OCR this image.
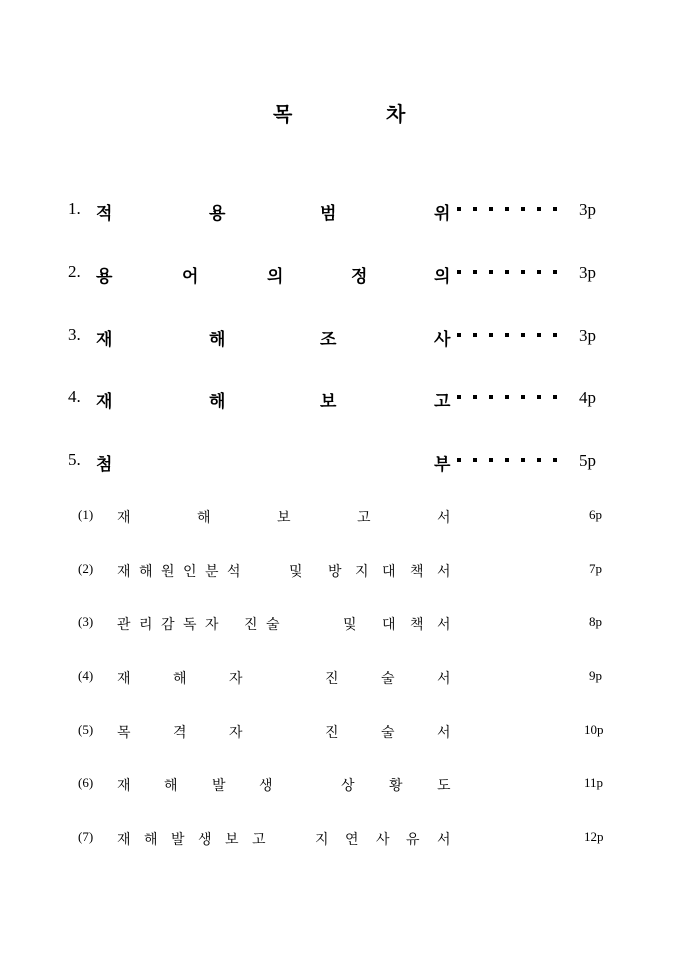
목	차
1. 적	용	범	위	3p
2. 용	어	의	정	의	3p
3. 재	해	조	사	3p
4. 재	해	보	고	4p
5. 첨	부	5p
(1) 재	해	보	고	서	6p
(2) 재 해 원 인 분 석	및 방 지 대 책 서	7p
(3) 관 리 감 독 자 진 술	및 대 책 서	8p
(4) 재	해	자	진	술	서	9p
(5) 목	격	자	진	술	서	10p
(6) 재 해 발 생	상 황 도	11p
(7) 재 해 발 생 보 고	지 연 사 유 서	12p
